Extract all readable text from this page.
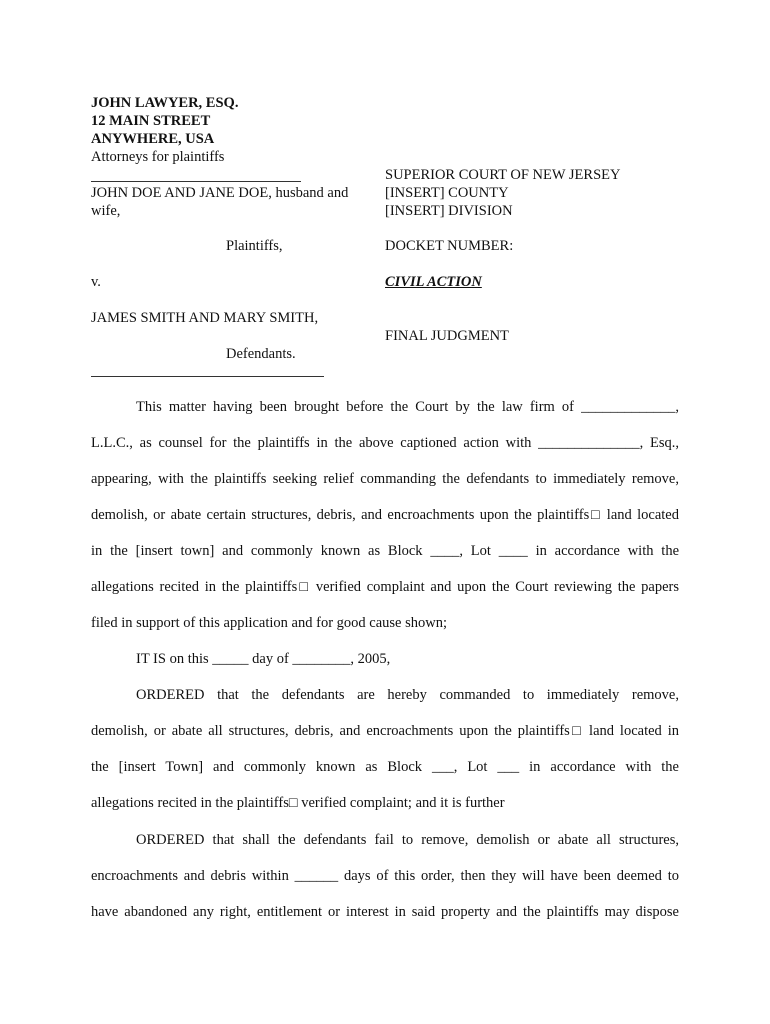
JOHN LAWYER, ESQ.
12 MAIN STREET
ANYWHERE, USA
Attorneys for plaintiffs
JOHN DOE AND JANE DOE, husband and
wife,
Plaintiffs,
v.
JAMES SMITH AND MARY SMITH,
Defendants.
SUPERIOR COURT OF NEW JERSEY
[INSERT] COUNTY
[INSERT] DIVISION
DOCKET NUMBER:
CIVIL ACTION
FINAL JUDGMENT
This matter having been brought before the Court by the law firm of _____________,
L.L.C., as counsel for the plaintiffs in the above captioned action with ______________, Esq.,
appearing, with the plaintiffs seeking relief commanding the defendants to immediately remove,
demolish, or abate certain structures, debris, and encroachments upon the plaintiffs□ land located
in the [insert town] and commonly known as Block ____, Lot ____ in accordance with the
allegations recited in the plaintiffs□ verified complaint and upon the Court reviewing the papers
filed in support of this application and for good cause shown;
IT IS on this _____ day of ________, 2005,
ORDERED that the defendants are hereby commanded to immediately remove,
demolish, or abate all structures, debris, and encroachments upon the plaintiffs□ land located in
the [insert Town] and commonly known as Block ___, Lot ___ in accordance with the
allegations recited in the plaintiffs□ verified complaint; and it is further
ORDERED that shall the defendants fail to remove, demolish or abate all structures,
encroachments and debris within ______ days of this order, then they will have been deemed to
have abandoned any right, entitlement or interest in said property and the plaintiffs may dispose
